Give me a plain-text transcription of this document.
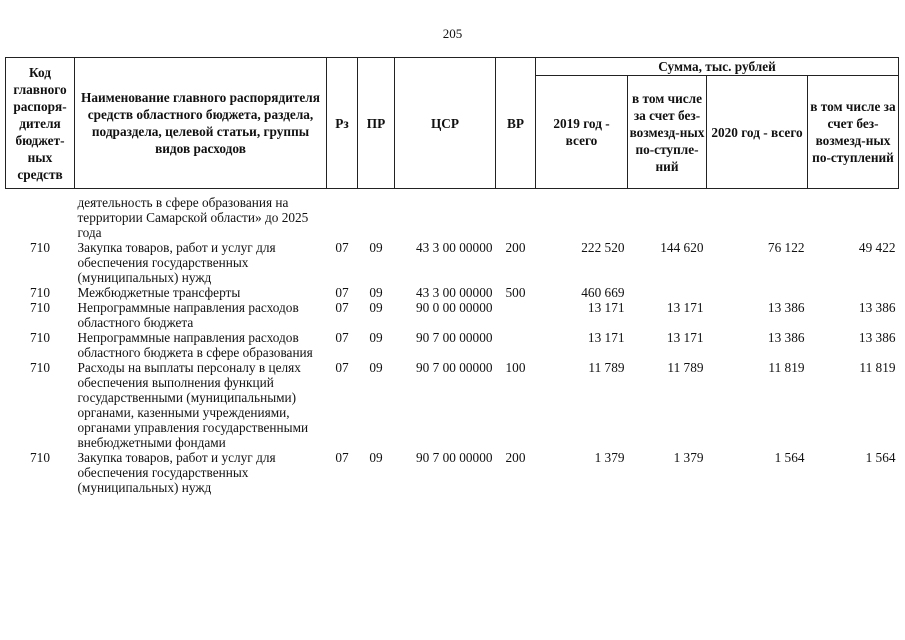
205
Код главного распоря-дителя бюджет-ных средств	Наименование главного распорядителя средств областного бюджета, раздела, подраздела, целевой статьи, группы видов расходов	Рз	ПР	ЦСР	ВР	Сумма, тыс. рублей			
						2019 год - всего	в том числе за счет без-возмезд-ных по-ступле-ний	2020 год - всего	в том числе за счет без-возмезд-ных по-ступлений

	деятельность в сфере образования на территории Самарской области» до 2025 года								
710	Закупка товаров, работ и услуг для обеспечения государственных (муниципальных) нужд	07	09	43 3 00 00000	200	222 520	144 620	76 122	49 422
710	Межбюджетные трансферты	07	09	43 3 00 00000	500	460 669			
710	Непрограммные направления расходов областного бюджета	07	09	90 0 00 00000		13 171	13 171	13 386	13 386
710	Непрограммные направления расходов областного бюджета в сфере образования	07	09	90 7 00 00000		13 171	13 171	13 386	13 386
710	Расходы на выплаты персоналу в целях обеспечения выполнения функций государственными (муниципальными) органами, казенными учреждениями, органами управления государственными внебюджетными фондами	07	09	90 7 00 00000	100	11 789	11 789	11 819	11 819
710	Закупка товаров, работ и услуг для обеспечения государственных (муниципальных) нужд	07	09	90 7 00 00000	200	1 379	1 379	1 564	1 564
